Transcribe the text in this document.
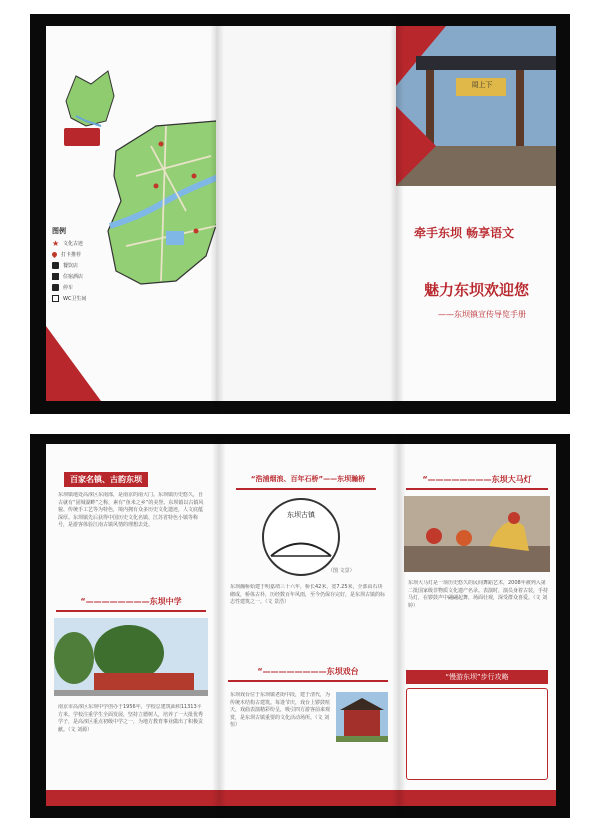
图例
★ 文化古迹
打卡推荐
餐饮店
住宿酒店
停车
WC卫生间
周上下
牵手东坝 畅享语文
魅力东坝欢迎您
——东坝镇宣传导览手册
百家名镇、古韵东坝
东坝镇地处高淳区东南部，是南京的南大门。东坝镇历史悠久，自古就有“固城湖畔”之称，素有“鱼米之乡”的美誉。东坝镇以古镇风貌、传统手工艺等为特色，境内拥有众多历史文化遗迹，人文底蕴深厚。东坝镇先后获得中国历史文化名镇、江苏省特色小镇等称号，是游客体验江南古镇风情的理想去处。
“————————东坝中学
南京市高淳区东坝中学创办于1956年，学校总建筑面积11313平方米。学校注重学生全面发展，坚持立德树人，培养了一大批优秀学子，是高淳区重点初级中学之一，为地方教育事业做出了积极贡献。（文 刘源）
“浩浦烟浪、百年石桥”——东坝瀚桥
东坝古镇
（图 文景）
东坝瀚桥始建于明嘉靖三十六年，桥长42米，宽7.25米，全部由石块砌成，桥体古朴，历经数百年风雨，至今仍保存完好，是东坝古镇的标志性建筑之一。（文 景浩）
“————————东坝戏台
东坝戏台位于东坝镇老街中段，建于清代，为传统木结构古建筑。每逢节庆，戏台上锣鼓喧天，戏曲表演精彩纷呈，吸引四方游客前来观赏，是东坝古镇重要的文化活动场所。（文 刘恒）
“————————东坝大马灯
东坝大马灯是一项历史悠久的民间舞蹈艺术，2008年被列入第二批国家级非物质文化遗产名录。表演时，演员身着古装，手持马灯，在锣鼓声中翩翩起舞，场面壮观，深受群众喜爱。（文 刘婷）
“慢游东坝”步行攻略
